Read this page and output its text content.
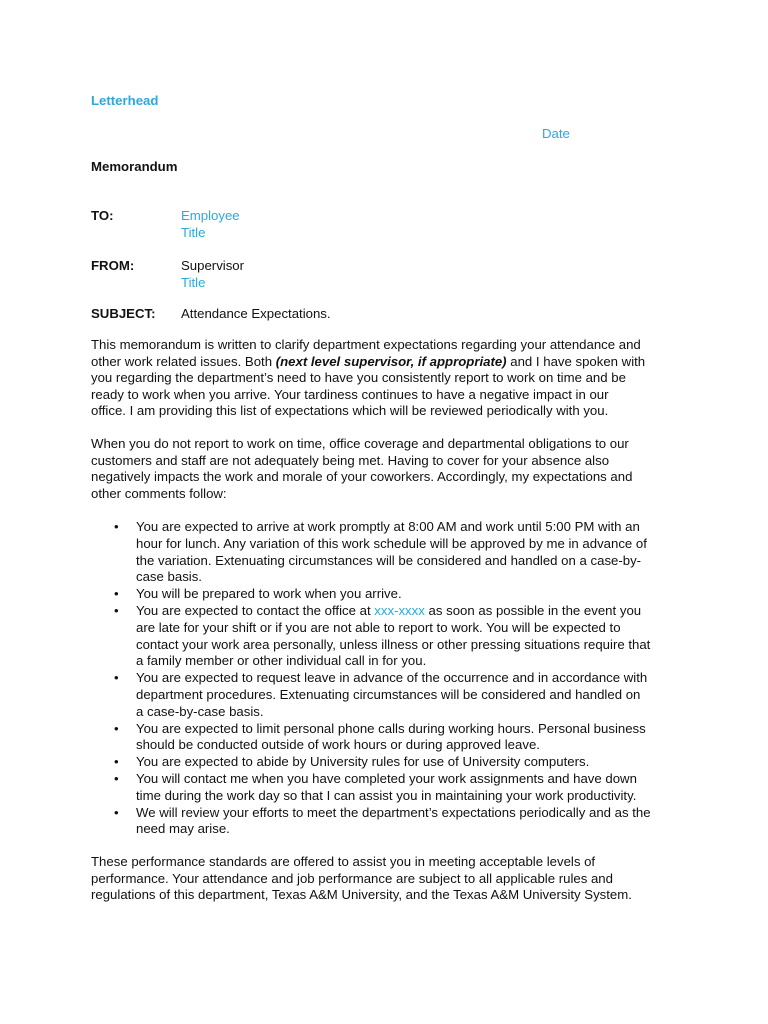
Letterhead
Date
Memorandum
TO:	Employee
Title
FROM:	Supervisor
Title
SUBJECT: Attendance Expectations.
This memorandum is written to clarify department expectations regarding your attendance and
other work related issues. Both (next level supervisor, if appropriate) and I have spoken with
you regarding the department’s need to have you consistently report to work on time and be
ready to work when you arrive. Your tardiness continues to have a negative impact in our
office. I am providing this list of expectations which will be reviewed periodically with you.
When you do not report to work on time, office coverage and departmental obligations to our
customers and staff are not adequately being met. Having to cover for your absence also
negatively impacts the work and morale of your coworkers. Accordingly, my expectations and
other comments follow:
• You are expected to arrive at work promptly at 8:00 AM and work until 5:00 PM with an
hour for lunch. Any variation of this work schedule will be approved by me in advance of
the variation. Extenuating circumstances will be considered and handled on a case-by-
case basis.
• You will be prepared to work when you arrive.
• You are expected to contact the office at xxx-xxxx as soon as possible in the event you
are late for your shift or if you are not able to report to work. You will be expected to
contact your work area personally, unless illness or other pressing situations require that
a family member or other individual call in for you.
• You are expected to request leave in advance of the occurrence and in accordance with
department procedures. Extenuating circumstances will be considered and handled on
a case-by-case basis.
• You are expected to limit personal phone calls during working hours. Personal business
should be conducted outside of work hours or during approved leave.
• You are expected to abide by University rules for use of University computers.
• You will contact me when you have completed your work assignments and have down
time during the work day so that I can assist you in maintaining your work productivity.
• We will review your efforts to meet the department’s expectations periodically and as the
need may arise.
These performance standards are offered to assist you in meeting acceptable levels of
performance. Your attendance and job performance are subject to all applicable rules and
regulations of this department, Texas A&M University, and the Texas A&M University System.
